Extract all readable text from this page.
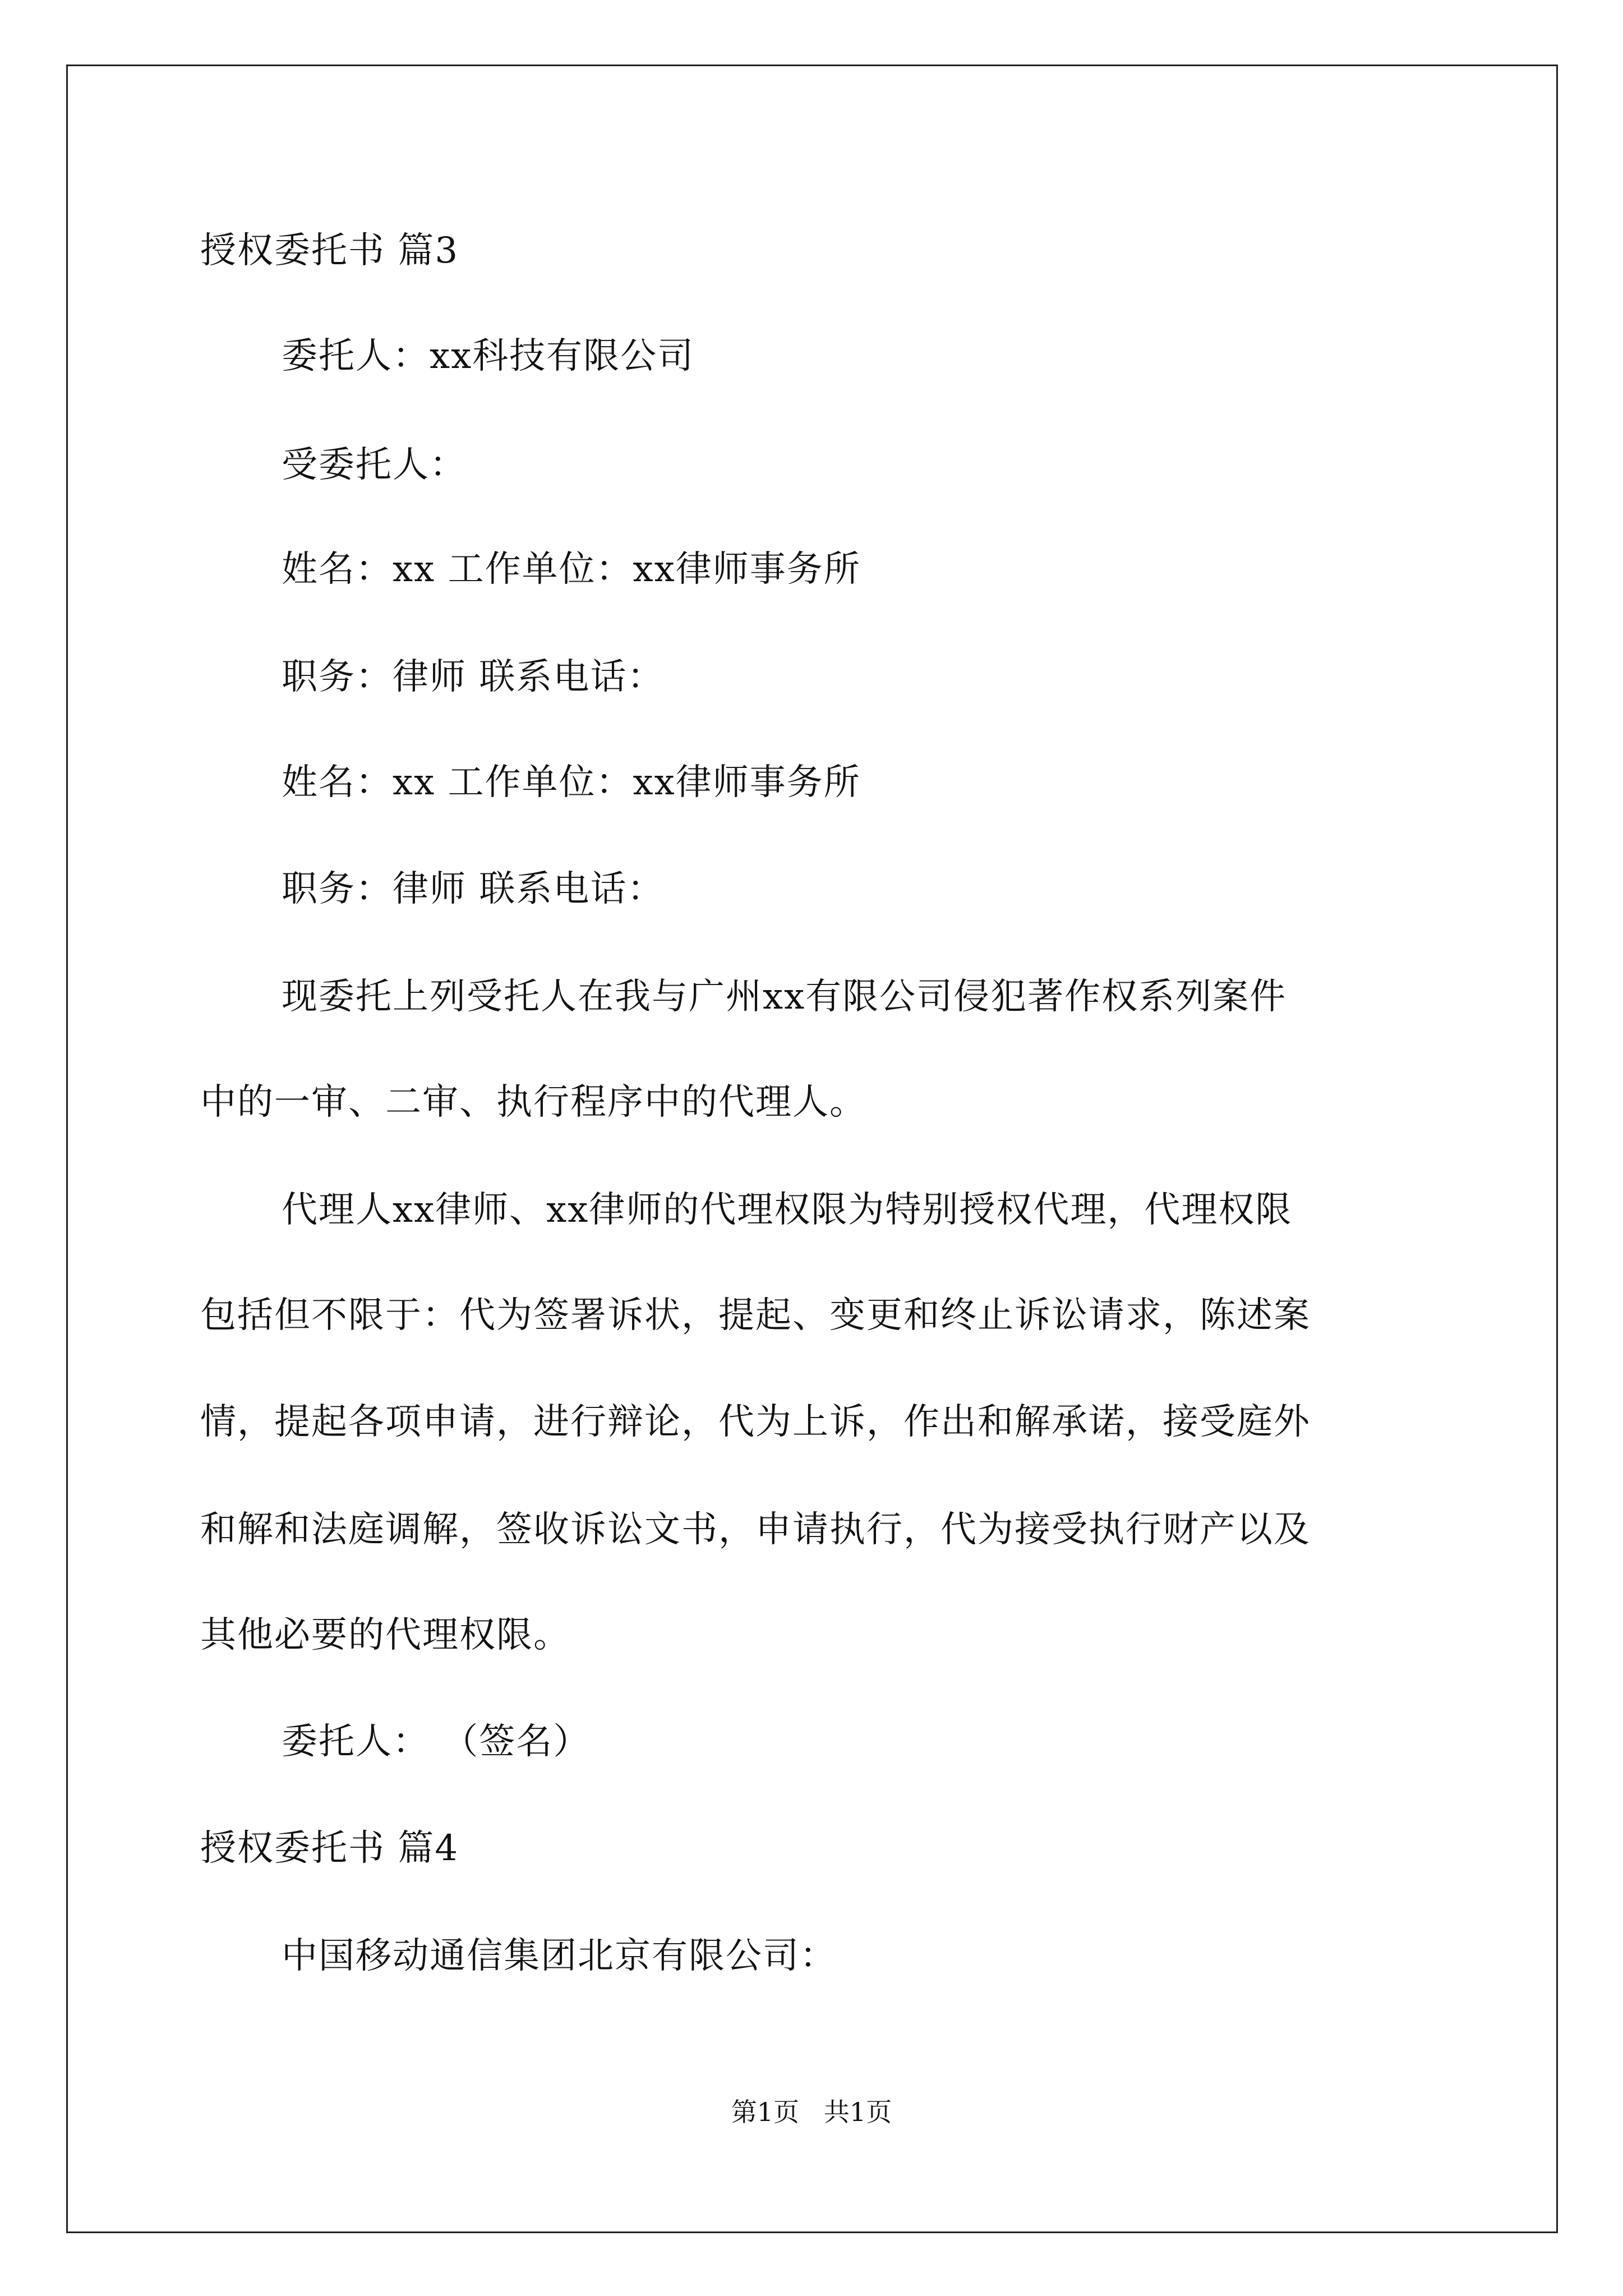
授权委托书 篇3
委托人：xx科技有限公司
受委托人：
姓名：xx 工作单位：xx律师事务所
职务：律师 联系电话：
姓名：xx 工作单位：xx律师事务所
职务：律师 联系电话：
现委托上列受托人在我与广州xx有限公司侵犯著作权系列案件
中的一审、二审、执行程序中的代理人。
代理人xx律师、xx律师的代理权限为特别授权代理，代理权限
包括但不限于：代为签署诉状，提起、变更和终止诉讼请求，陈述案
情，提起各项申请，进行辩论，代为上诉，作出和解承诺，接受庭外
和解和法庭调解，签收诉讼文书，申请执行，代为接受执行财产以及
其他必要的代理权限。
委托人： （签名）
授权委托书 篇4
中国移动通信集团北京有限公司：
第1页   共1页
